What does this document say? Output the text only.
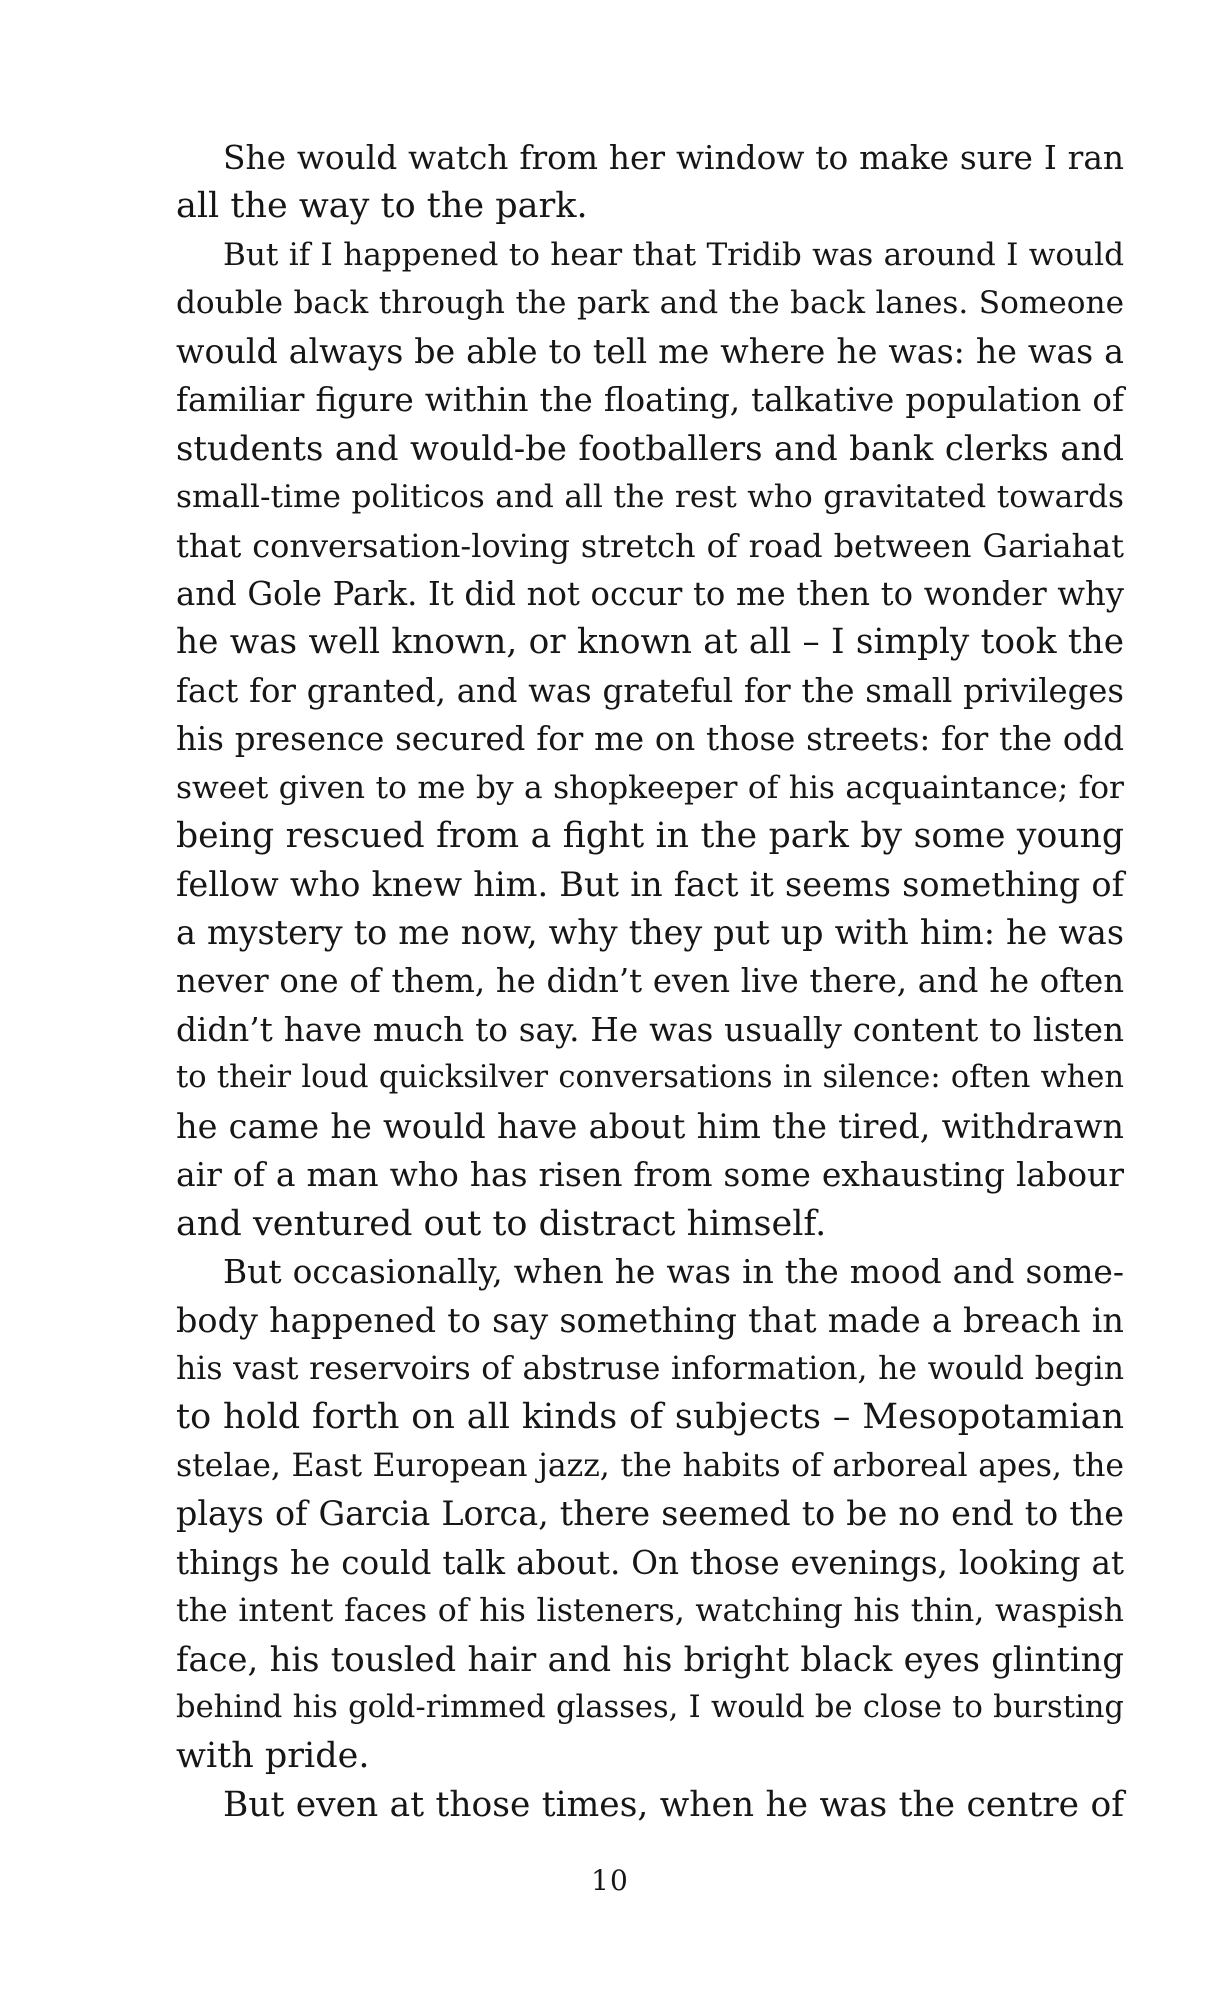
She would watch from her window to make sure I ran
all the way to the park.
But if I happened to hear that Tridib was around I would
double back through the park and the back lanes. Someone
would always be able to tell me where he was: he was a
familiar figure within the floating, talkative population of
students and would-be footballers and bank clerks and
small-time politicos and all the rest who gravitated towards
that conversation-loving stretch of road between Gariahat
and Gole Park. It did not occur to me then to wonder why
he was well known, or known at all – I simply took the
fact for granted, and was grateful for the small privileges
his presence secured for me on those streets: for the odd
sweet given to me by a shopkeeper of his acquaintance; for
being rescued from a fight in the park by some young
fellow who knew him. But in fact it seems something of
a mystery to me now, why they put up with him: he was
never one of them, he didn’t even live there, and he often
didn’t have much to say. He was usually content to listen
to their loud quicksilver conversations in silence: often when
he came he would have about him the tired, withdrawn
air of a man who has risen from some exhausting labour
and ventured out to distract himself.
But occasionally, when he was in the mood and some-
body happened to say something that made a breach in
his vast reservoirs of abstruse information, he would begin
to hold forth on all kinds of subjects – Mesopotamian
stelae, East European jazz, the habits of arboreal apes, the
plays of Garcia Lorca, there seemed to be no end to the
things he could talk about. On those evenings, looking at
the intent faces of his listeners, watching his thin, waspish
face, his tousled hair and his bright black eyes glinting
behind his gold-rimmed glasses, I would be close to bursting
with pride.
But even at those times, when he was the centre of
10
